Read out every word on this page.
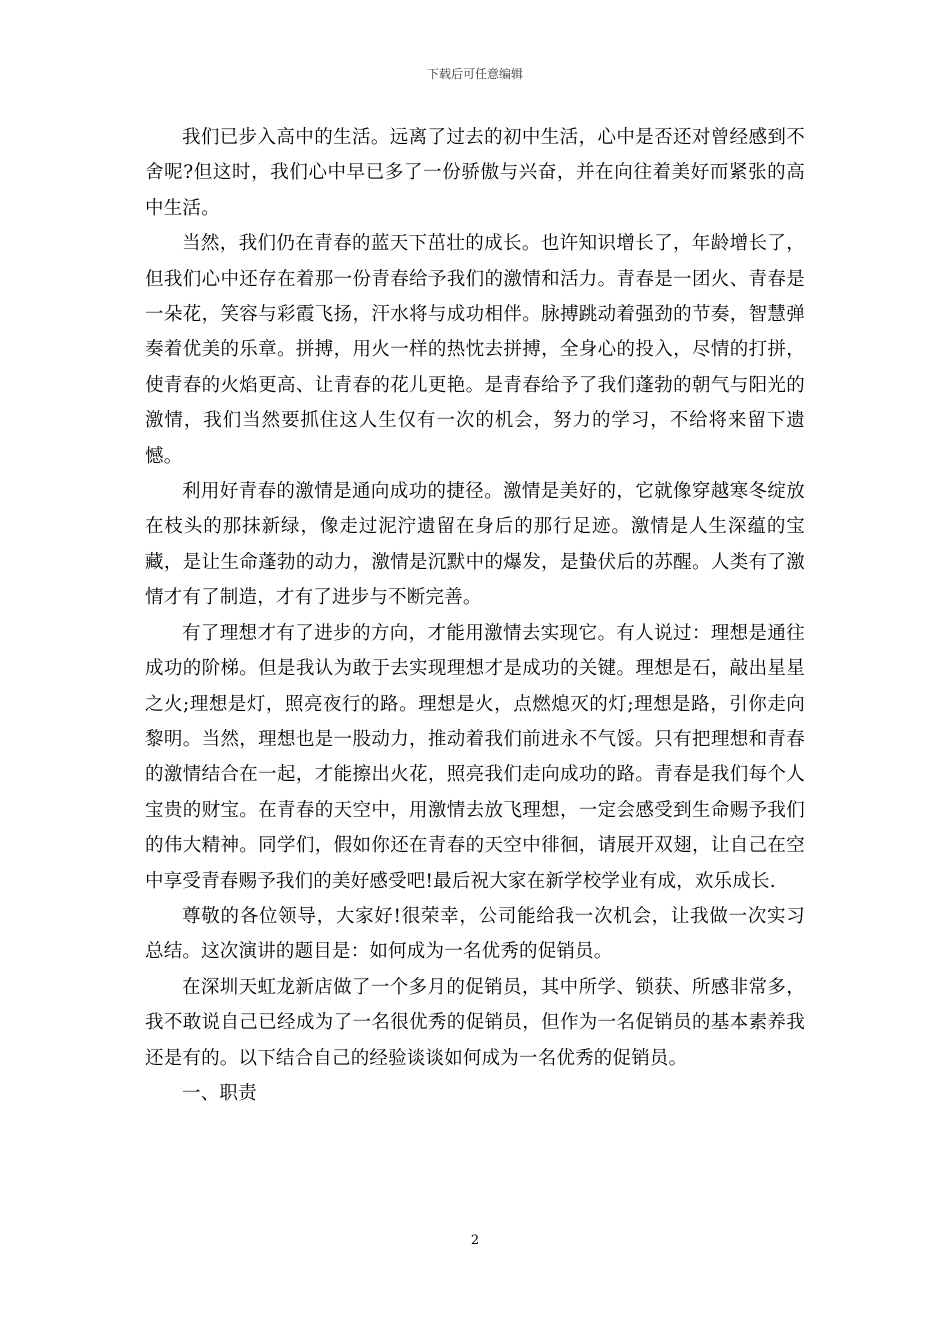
下载后可任意编辑

我们已步入高中的生活。远离了过去的初中生活，心中是否还对曾经感到不舍呢?但这时，我们心中早已多了一份骄傲与兴奋，并在向往着美好而紧张的高中生活。

当然，我们仍在青春的蓝天下茁壮的成长。也许知识增长了，年龄增长了，但我们心中还存在着那一份青春给予我们的激情和活力。青春是一团火、青春是一朵花，笑容与彩霞飞扬，汗水将与成功相伴。脉搏跳动着强劲的节奏，智慧弹奏着优美的乐章。拼搏，用火一样的热忱去拼搏，全身心的投入，尽情的打拼，使青春的火焰更高、让青春的花儿更艳。是青春给予了我们蓬勃的朝气与阳光的激情，我们当然要抓住这人生仅有一次的机会，努力的学习，不给将来留下遗憾。

利用好青春的激情是通向成功的捷径。激情是美好的，它就像穿越寒冬绽放在枝头的那抹新绿，像走过泥泞遗留在身后的那行足迹。激情是人生深蕴的宝藏，是让生命蓬勃的动力，激情是沉默中的爆发，是蛰伏后的苏醒。人类有了激情才有了制造，才有了进步与不断完善。

有了理想才有了进步的方向，才能用激情去实现它。有人说过：理想是通往成功的阶梯。但是我认为敢于去实现理想才是成功的关键。理想是石，敲出星星之火;理想是灯，照亮夜行的路。理想是火，点燃熄灭的灯;理想是路，引你走向黎明。当然，理想也是一股动力，推动着我们前进永不气馁。只有把理想和青春的激情结合在一起，才能擦出火花，照亮我们走向成功的路。青春是我们每个人宝贵的财宝。在青春的天空中，用激情去放飞理想，一定会感受到生命赐予我们的伟大精神。同学们，假如你还在青春的天空中徘徊，请展开双翅，让自己在空中享受青春赐予我们的美好感受吧!最后祝大家在新学校学业有成，欢乐成长.

尊敬的各位领导，大家好!很荣幸，公司能给我一次机会，让我做一次实习总结。这次演讲的题目是：如何成为一名优秀的促销员。

在深圳天虹龙新店做了一个多月的促销员，其中所学、锁获、所感非常多，我不敢说自己已经成为了一名很优秀的促销员，但作为一名促销员的基本素养我还是有的。以下结合自己的经验谈谈如何成为一名优秀的促销员。

一、职责

2
